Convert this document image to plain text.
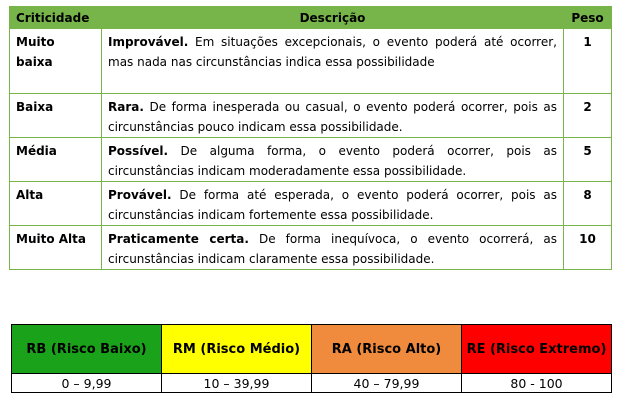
Criticidade	Descrição	Peso
Muito baixa	Improvável. Em situações excepcionais, o evento poderá até ocorrer, mas nada nas circunstâncias indica essa possibilidade	1
Baixa	Rara. De forma inesperada ou casual, o evento poderá ocorrer, pois as circunstâncias pouco indicam essa possibilidade.	2
Média	Possível. De alguma forma, o evento poderá ocorrer, pois as circunstâncias indicam moderadamente essa possibilidade.	5
Alta	Provável. De forma até esperada, o evento poderá ocorrer, pois as circunstâncias indicam fortemente essa possibilidade.	8
Muito Alta	Praticamente certa. De forma inequívoca, o evento ocorrerá, as circunstâncias indicam claramente essa possibilidade.	10
RB (Risco Baixo)	RM (Risco Médio)	RA (Risco Alto)	RE (Risco Extremo)
0 – 9,99	10 – 39,99	40 – 79,99	80 - 100
